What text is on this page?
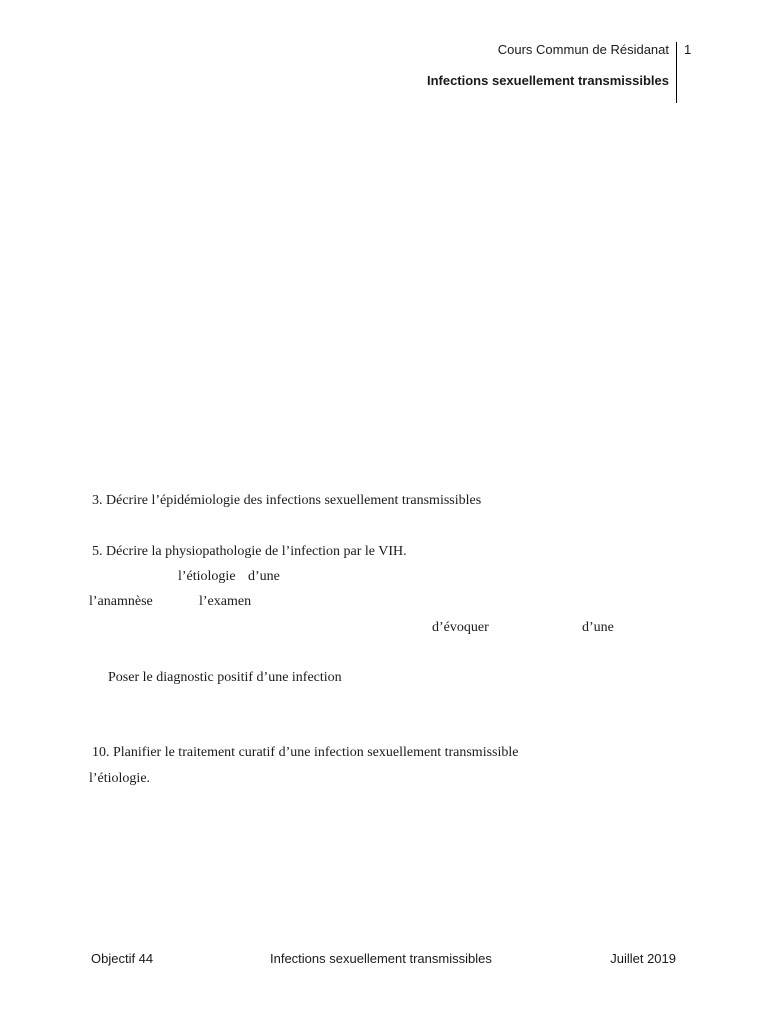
Cours Commun de Résidanat 1
Infections sexuellement transmissibles
3. Décrire l’épidémiologie des infections sexuellement transmissibles
5. Décrire la physiopathologie de l’infection par le VIH.
l’étiologie d’une
l’anamnèse	l’examen
d’évoquer	d’une
Poser le diagnostic positif d’une infection
10. Planifier le traitement curatif d’une infection sexuellement transmissible
l’étiologie.
Objectif 44	Infections sexuellement transmissibles	Juillet 2019
